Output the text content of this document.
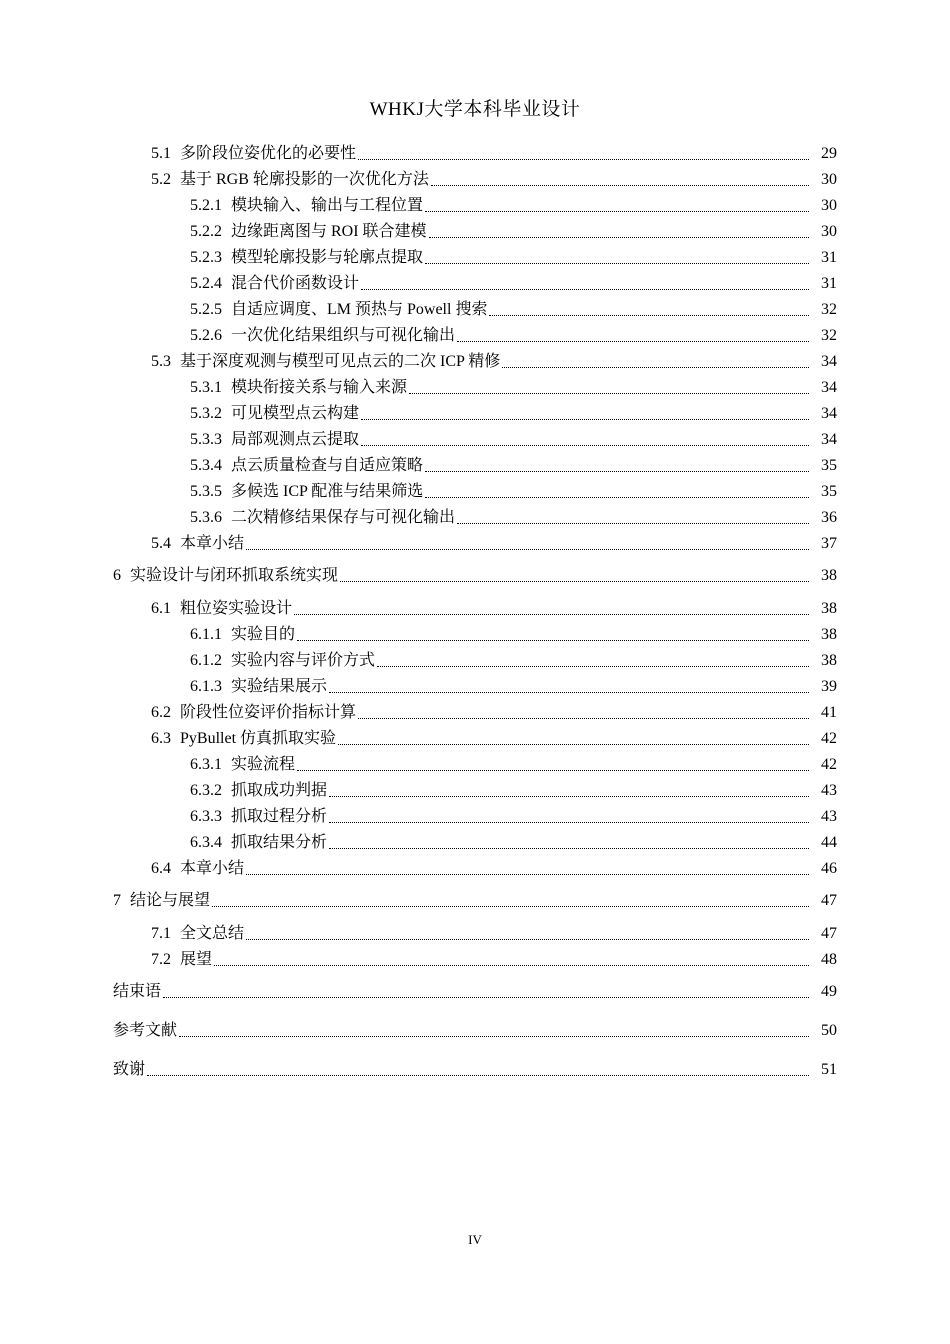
WHKJ大学本科毕业设计
5.1 多阶段位姿优化的必要性	29
5.2 基于 RGB 轮廓投影的一次优化方法	30
5.2.1 模块输入、输出与工程位置	30
5.2.2 边缘距离图与 ROI 联合建模	30
5.2.3 模型轮廓投影与轮廓点提取	31
5.2.4 混合代价函数设计	31
5.2.5 自适应调度、LM 预热与 Powell 搜索	32
5.2.6 一次优化结果组织与可视化输出	32
5.3 基于深度观测与模型可见点云的二次 ICP 精修	34
5.3.1 模块衔接关系与输入来源	34
5.3.2 可见模型点云构建	34
5.3.3 局部观测点云提取	34
5.3.4 点云质量检查与自适应策略	35
5.3.5 多候选 ICP 配准与结果筛选	35
5.3.6 二次精修结果保存与可视化输出	36
5.4 本章小结	37
6 实验设计与闭环抓取系统实现	38
6.1 粗位姿实验设计	38
6.1.1 实验目的	38
6.1.2 实验内容与评价方式	38
6.1.3 实验结果展示	39
6.2 阶段性位姿评价指标计算	41
6.3 PyBullet 仿真抓取实验	42
6.3.1 实验流程	42
6.3.2 抓取成功判据	43
6.3.3 抓取过程分析	43
6.3.4 抓取结果分析	44
6.4 本章小结	46
7 结论与展望	47
7.1 全文总结	47
7.2 展望	48
结束语	49
参考文献	50
致谢	51
IV
